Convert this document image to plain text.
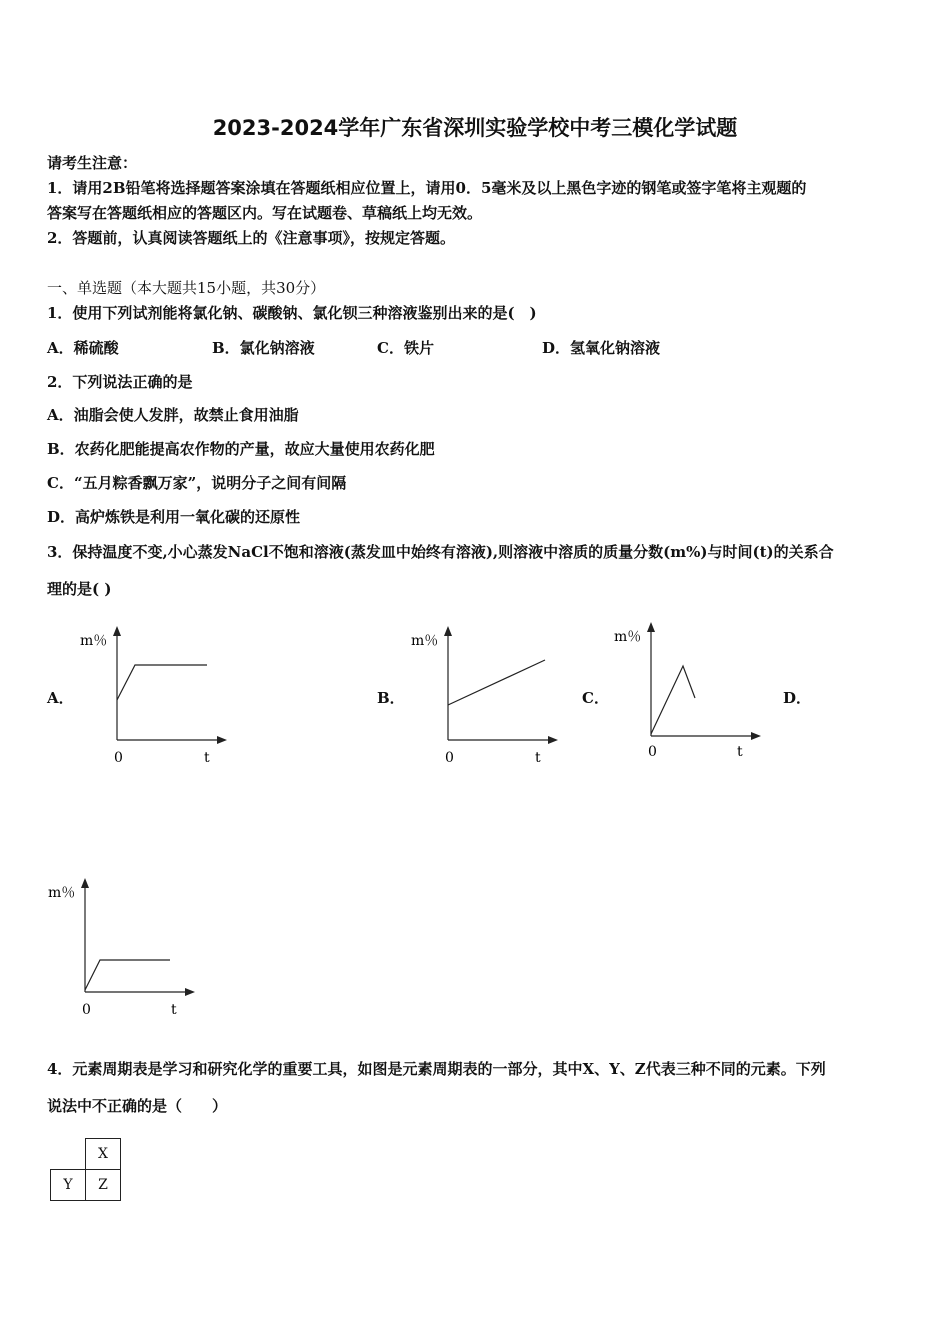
2023-2024学年广东省深圳实验学校中考三模化学试题
请考生注意：
1．请用2B铅笔将选择题答案涂填在答题纸相应位置上，请用0．5毫米及以上黑色字迹的钢笔或签字笔将主观题的
答案写在答题纸相应的答题区内。写在试题卷、草稿纸上均无效。
2．答题前，认真阅读答题纸上的《注意事项》，按规定答题。
一、单选题（本大题共15小题，共30分）
1．使用下列试剂能将氯化钠、碳酸钠、氯化钡三种溶液鉴别出来的是(　)
A．稀硫酸	B．氯化钠溶液	C．铁片	D．氢氧化钠溶液
2．下列说法正确的是
A．油脂会使人发胖，故禁止食用油脂
B．农药化肥能提高农作物的产量，故应大量使用农药化肥
C．“五月粽香飘万家”，说明分子之间有间隔
D．高炉炼铁是利用一氧化碳的还原性
3．保持温度不变,小心蒸发NaCl不饱和溶液(蒸发皿中始终有溶液),则溶液中溶质的质量分数(m%)与时间(t)的关系合
理的是( )
A．	B．	C．	D．
m％
0	t
m％
0	t
m％
0	t
m％
0	t
4．元素周期表是学习和研究化学的重要工具，如图是元素周期表的一部分，其中X、Y、Z代表三种不同的元素。下列
说法中不正确的是（　　）
	X
Y	Z
